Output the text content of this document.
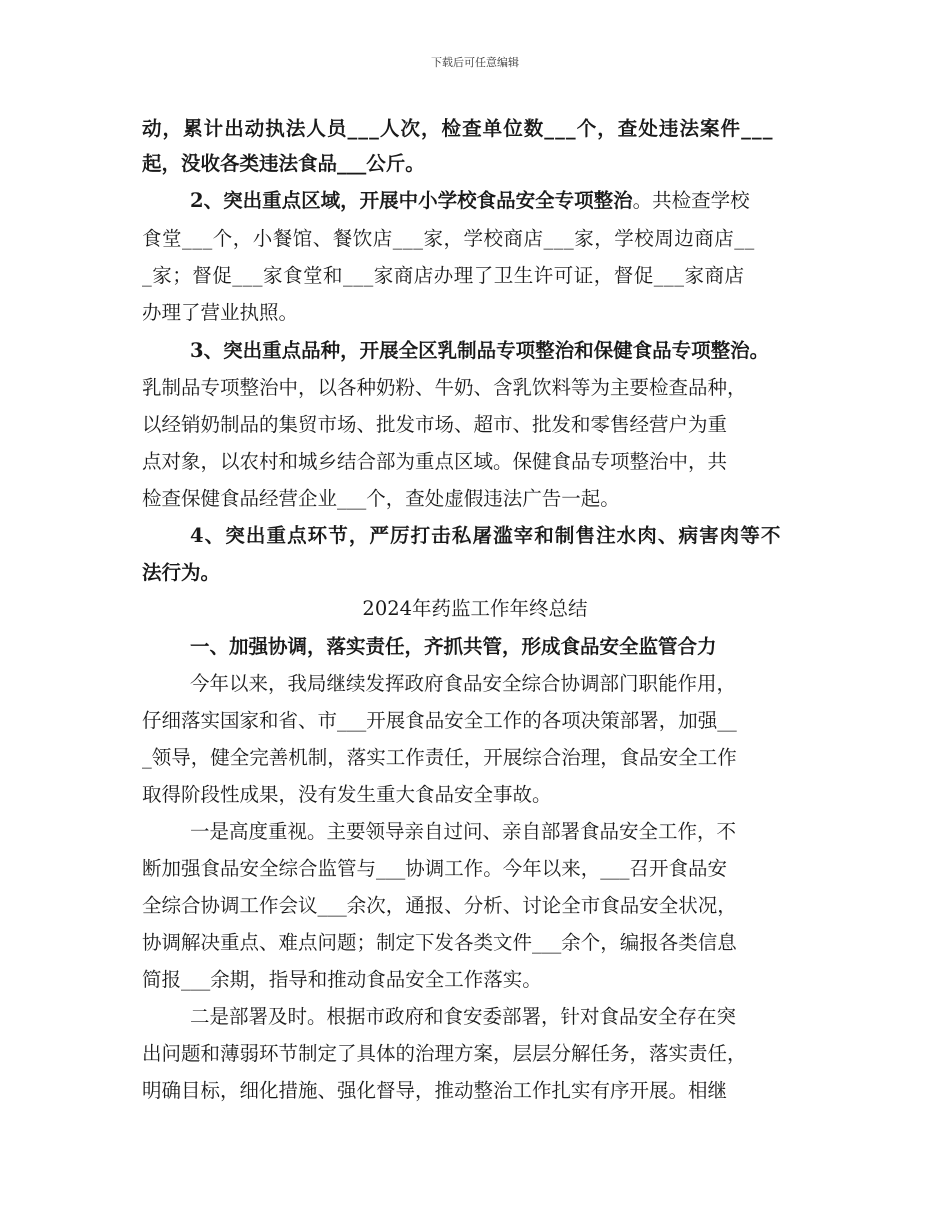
下载后可任意编辑
动，累计出动执法人员___人次，检查单位数___个，查处违法案件___
起，没收各类违法食品___公斤。
2、突出重点区域，开展中小学校食品安全专项整治。共检查学校
食堂___个，小餐馆、餐饮店___家，学校商店___家，学校周边商店__
_家；督促___家食堂和___家商店办理了卫生许可证，督促___家商店
办理了营业执照。
3、突出重点品种，开展全区乳制品专项整治和保健食品专项整治。
乳制品专项整治中，以各种奶粉、牛奶、含乳饮料等为主要检查品种，
以经销奶制品的集贸市场、批发市场、超市、批发和零售经营户为重
点对象，以农村和城乡结合部为重点区域。保健食品专项整治中，共
检查保健食品经营企业___个，查处虚假违法广告一起。
4、突出重点环节，严厉打击私屠滥宰和制售注水肉、病害肉等不
法行为。
2024年药监工作年终总结
一、加强协调，落实责任，齐抓共管，形成食品安全监管合力
今年以来，我局继续发挥政府食品安全综合协调部门职能作用，
仔细落实国家和省、市___开展食品安全工作的各项决策部署，加强__
_领导，健全完善机制，落实工作责任，开展综合治理，食品安全工作
取得阶段性成果，没有发生重大食品安全事故。
一是高度重视。主要领导亲自过问、亲自部署食品安全工作，不
断加强食品安全综合监管与___协调工作。今年以来，___召开食品安
全综合协调工作会议___余次，通报、分析、讨论全市食品安全状况，
协调解决重点、难点问题；制定下发各类文件___余个，编报各类信息
简报___余期，指导和推动食品安全工作落实。
二是部署及时。根据市政府和食安委部署，针对食品安全存在突
出问题和薄弱环节制定了具体的治理方案，层层分解任务，落实责任，
明确目标，细化措施、强化督导，推动整治工作扎实有序开展。相继
